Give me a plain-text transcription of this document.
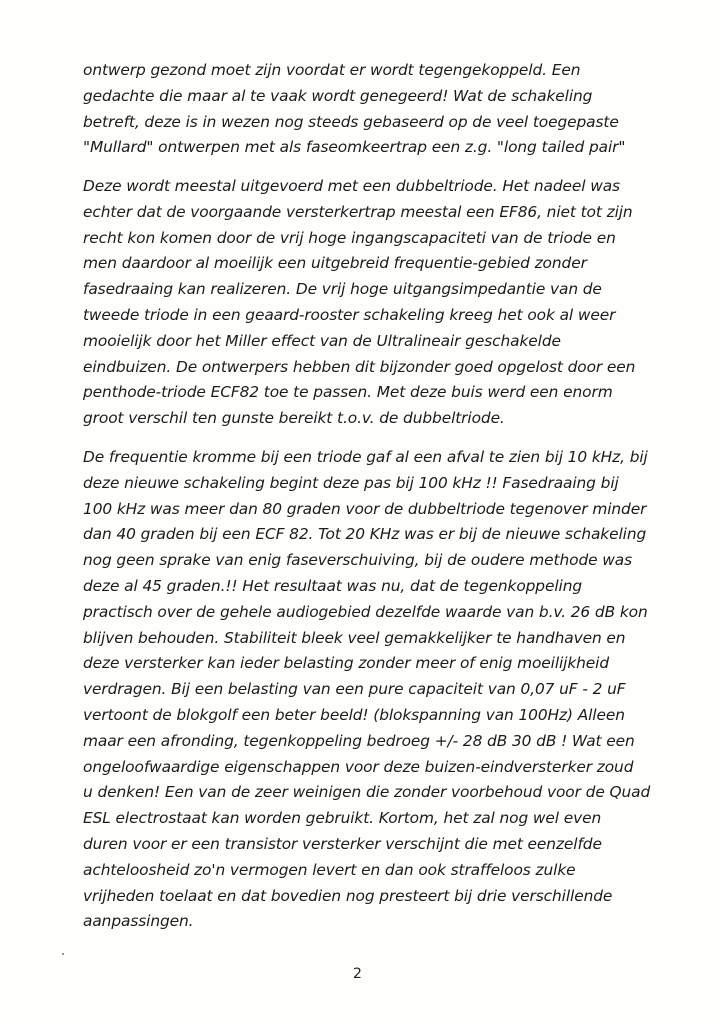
ontwerp gezond moet zijn voordat er wordt tegengekoppeld. Een
gedachte die maar al te vaak wordt genegeerd! Wat de schakeling
betreft, deze is in wezen nog steeds gebaseerd op de veel toegepaste
"Mullard" ontwerpen met als faseomkeertrap een z.g. "long tailed pair"
Deze wordt meestal uitgevoerd met een dubbeltriode. Het nadeel was
echter dat de voorgaande versterkertrap meestal een EF86, niet tot zijn
recht kon komen door de vrij hoge ingangscapaciteti van de triode en
men daardoor al moeilijk een uitgebreid frequentie-gebied zonder
fasedraaing kan realizeren. De vrij hoge uitgangsimpedantie van de
tweede triode in een geaard-rooster schakeling kreeg het ook al weer
mooielijk door het Miller effect van de Ultralineair geschakelde
eindbuizen. De ontwerpers hebben dit bijzonder goed opgelost door een
penthode-triode ECF82 toe te passen. Met deze buis werd een enorm
groot verschil ten gunste bereikt t.o.v. de dubbeltriode.
De frequentie kromme bij een triode gaf al een afval te zien bij 10 kHz, bij
deze nieuwe schakeling begint deze pas bij 100 kHz !! Fasedraaing bij
100 kHz was meer dan 80 graden voor de dubbeltriode tegenover minder
dan 40 graden bij een ECF 82. Tot 20 KHz was er bij de nieuwe schakeling
nog geen sprake van enig faseverschuiving, bij de oudere methode was
deze al 45 graden.!! Het resultaat was nu, dat de tegenkoppeling
practisch over de gehele audiogebied dezelfde waarde van b.v. 26 dB kon
blijven behouden. Stabiliteit bleek veel gemakkelijker te handhaven en
deze versterker kan ieder belasting zonder meer of enig moeilijkheid
verdragen. Bij een belasting van een pure capaciteit van 0,07 uF - 2 uF
vertoont de blokgolf een beter beeld! (blokspanning van 100Hz) Alleen
maar een afronding, tegenkoppeling bedroeg +/- 28 dB 30 dB ! Wat een
ongeloofwaardige eigenschappen voor deze buizen-eindversterker zoud
u denken! Een van de zeer weinigen die zonder voorbehoud voor de Quad
ESL electrostaat kan worden gebruikt. Kortom, het zal nog wel even
duren voor er een transistor versterker verschijnt die met eenzelfde
achteloosheid zo'n vermogen levert en dan ook straffeloos zulke
vrijheden toelaat en dat bovedien nog presteert bij drie verschillende
aanpassingen.
2
